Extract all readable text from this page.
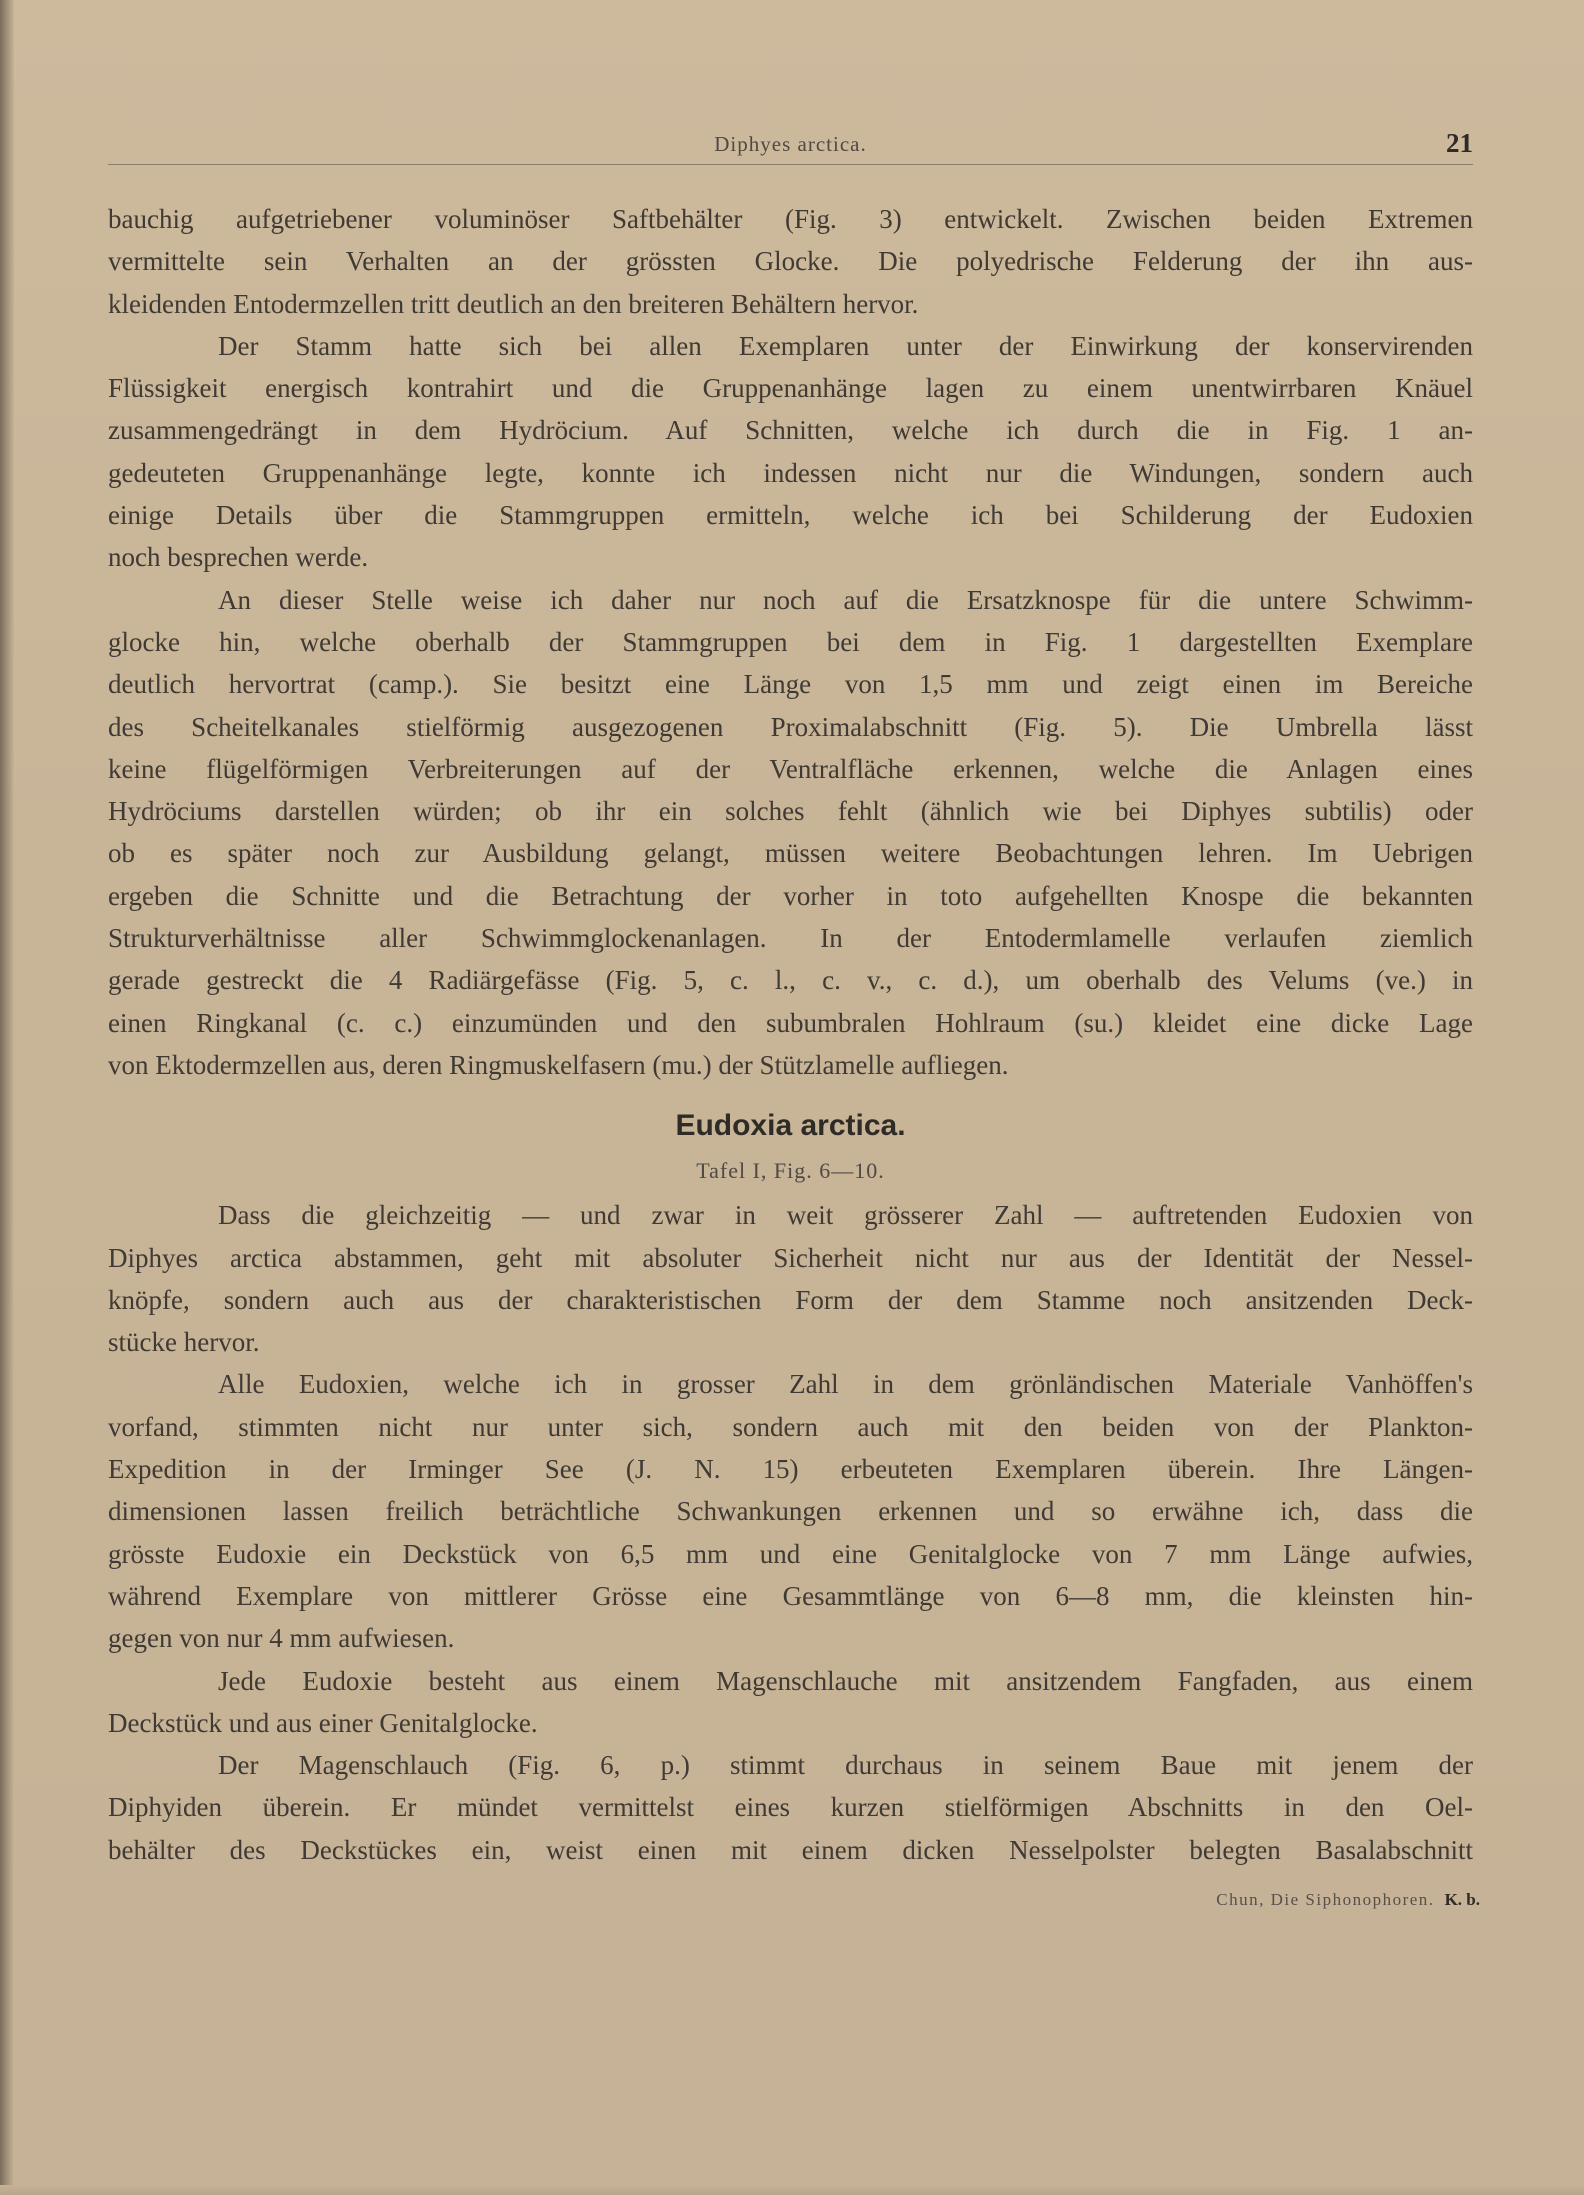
Diphyes arctica.	21
bauchig aufgetriebener voluminöser Saftbehälter (Fig. 3) entwickelt. Zwischen beiden Extremen
vermittelte sein Verhalten an der grössten Glocke. Die polyedrische Felderung der ihn aus-
kleidenden Entodermzellen tritt deutlich an den breiteren Behältern hervor.
Der Stamm hatte sich bei allen Exemplaren unter der Einwirkung der konservirenden
Flüssigkeit energisch kontrahirt und die Gruppenanhänge lagen zu einem unentwirrbaren Knäuel
zusammengedrängt in dem Hydröcium. Auf Schnitten, welche ich durch die in Fig. 1 an-
gedeuteten Gruppenanhänge legte, konnte ich indessen nicht nur die Windungen, sondern auch
einige Details über die Stammgruppen ermitteln, welche ich bei Schilderung der Eudoxien
noch besprechen werde.
An dieser Stelle weise ich daher nur noch auf die Ersatzknospe für die untere Schwimm-
glocke hin, welche oberhalb der Stammgruppen bei dem in Fig. 1 dargestellten Exemplare
deutlich hervortrat (camp.). Sie besitzt eine Länge von 1,5 mm und zeigt einen im Bereiche
des Scheitelkanales stielförmig ausgezogenen Proximalabschnitt (Fig. 5). Die Umbrella lässt
keine flügelförmigen Verbreiterungen auf der Ventralfläche erkennen, welche die Anlagen eines
Hydröciums darstellen würden; ob ihr ein solches fehlt (ähnlich wie bei Diphyes subtilis) oder
ob es später noch zur Ausbildung gelangt, müssen weitere Beobachtungen lehren. Im Uebrigen
ergeben die Schnitte und die Betrachtung der vorher in toto aufgehellten Knospe die bekannten
Strukturverhältnisse aller Schwimmglockenanlagen. In der Entodermlamelle verlaufen ziemlich
gerade gestreckt die 4 Radiärgefässe (Fig. 5, c. l., c. v., c. d.), um oberhalb des Velums (ve.) in
einen Ringkanal (c. c.) einzumünden und den subumbralen Hohlraum (su.) kleidet eine dicke Lage
von Ektodermzellen aus, deren Ringmuskelfasern (mu.) der Stützlamelle aufliegen.
Eudoxia arctica.
Tafel I, Fig. 6—10.
Dass die gleichzeitig — und zwar in weit grösserer Zahl — auftretenden Eudoxien von
Diphyes arctica abstammen, geht mit absoluter Sicherheit nicht nur aus der Identität der Nessel-
knöpfe, sondern auch aus der charakteristischen Form der dem Stamme noch ansitzenden Deck-
stücke hervor.
Alle Eudoxien, welche ich in grosser Zahl in dem grönländischen Materiale Vanhöffen's
vorfand, stimmten nicht nur unter sich, sondern auch mit den beiden von der Plankton-
Expedition in der Irminger See (J. N. 15) erbeuteten Exemplaren überein. Ihre Längen-
dimensionen lassen freilich beträchtliche Schwankungen erkennen und so erwähne ich, dass die
grösste Eudoxie ein Deckstück von 6,5 mm und eine Genitalglocke von 7 mm Länge aufwies,
während Exemplare von mittlerer Grösse eine Gesammtlänge von 6—8 mm, die kleinsten hin-
gegen von nur 4 mm aufwiesen.
Jede Eudoxie besteht aus einem Magenschlauche mit ansitzendem Fangfaden, aus einem
Deckstück und aus einer Genitalglocke.
Der Magenschlauch (Fig. 6, p.) stimmt durchaus in seinem Baue mit jenem der
Diphyiden überein. Er mündet vermittelst eines kurzen stielförmigen Abschnitts in den Oel-
behälter des Deckstückes ein, weist einen mit einem dicken Nesselpolster belegten Basalabschnitt
Chun, Die Siphonophoren. K. b.
